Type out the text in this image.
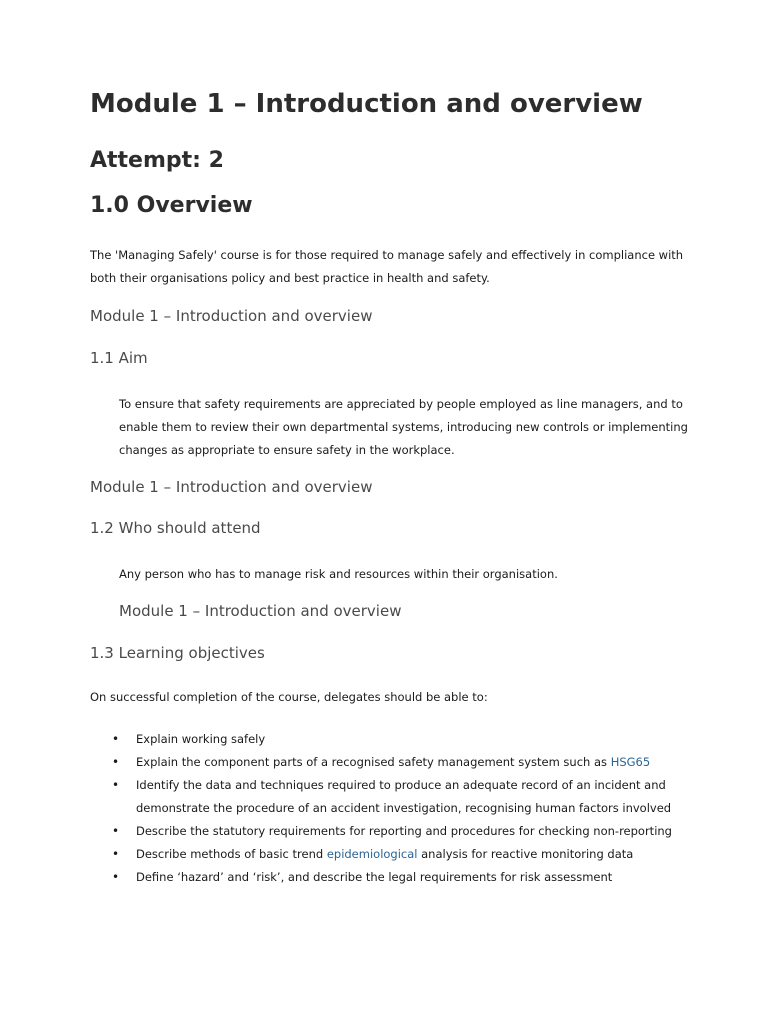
Module 1 – Introduction and overview
Attempt: 2
1.0 Overview

The 'Managing Safely' course is for those required to manage safely and effectively in compliance with both their organisations policy and best practice in health and safety.

Module 1 – Introduction and overview
1.1 Aim

To ensure that safety requirements are appreciated by people employed as line managers, and to enable them to review their own departmental systems, introducing new controls or implementing changes as appropriate to ensure safety in the workplace.

Module 1 – Introduction and overview
1.2 Who should attend

Any person who has to manage risk and resources within their organisation.

Module 1 – Introduction and overview
1.3 Learning objectives

On successful completion of the course, delegates should be able to:

• Explain working safely
• Explain the component parts of a recognised safety management system such as HSG65
• Identify the data and techniques required to produce an adequate record of an incident and demonstrate the procedure of an accident investigation, recognising human factors involved
• Describe the statutory requirements for reporting and procedures for checking non-reporting
• Describe methods of basic trend epidemiological analysis for reactive monitoring data
• Define ‘hazard’ and ‘risk’, and describe the legal requirements for risk assessment
